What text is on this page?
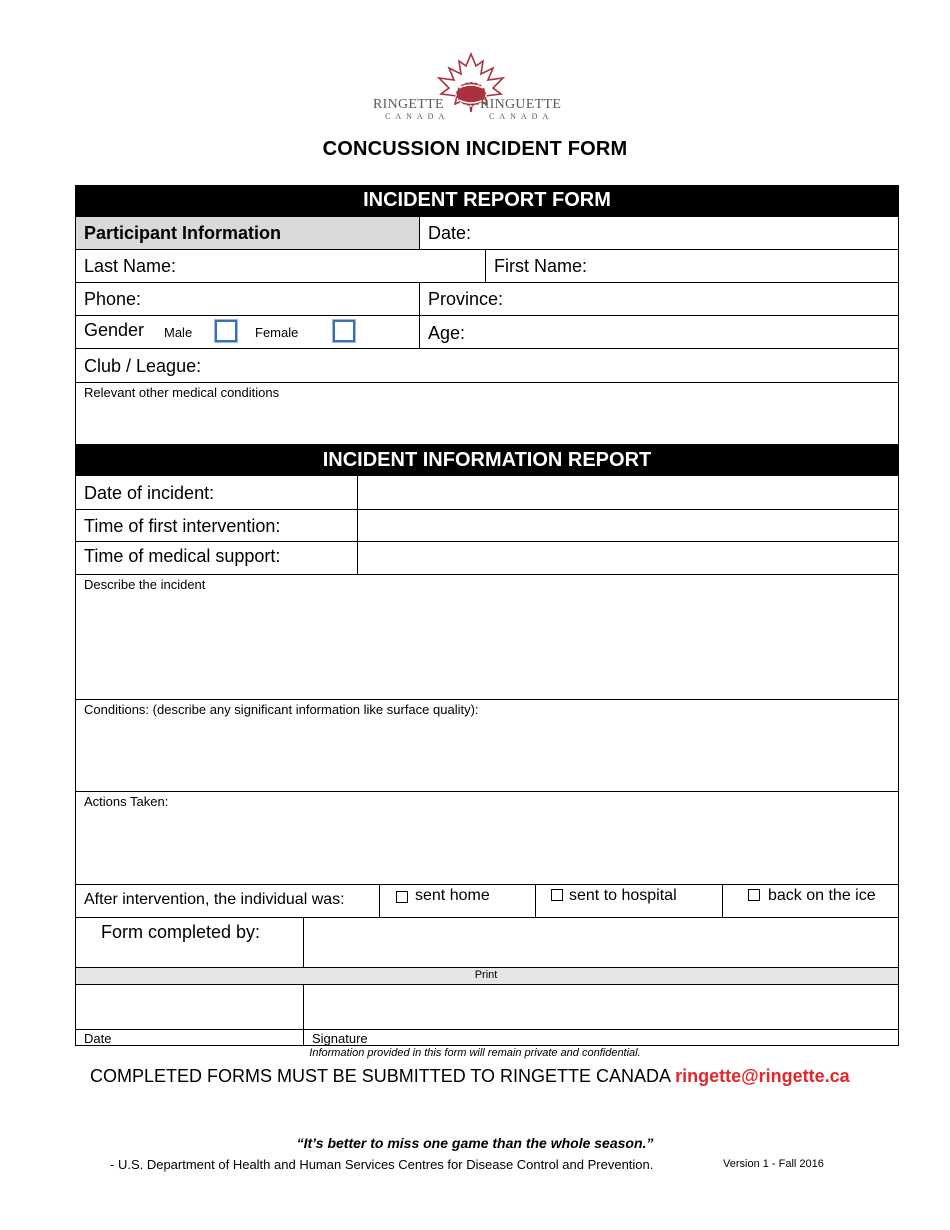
RINGETTE
CANADA
RINGUETTE
CANADA
CONCUSSION INCIDENT FORM
INCIDENT REPORT FORM
Participant Information	Date:
Last Name:	First Name:
Phone:	Province:
Gender Male	Female	Age:
Club / League:
Relevant other medical conditions
INCIDENT INFORMATION REPORT
Date of incident:
Time of first intervention:
Time of medical support:
Describe the incident
Conditions: (describe any significant information like surface quality):
Actions Taken:
After intervention, the individual was:	sent home	sent to hospital	back on the ice
Form completed by:
Print
Date	Signature
Information provided in this form will remain private and confidential.
COMPLETED FORMS MUST BE SUBMITTED TO RINGETTE CANADA ringette@ringette.ca
“It’s better to miss one game than the whole season.”
- U.S. Department of Health and Human Services Centres for Disease Control and Prevention.	Version 1 - Fall 2016
